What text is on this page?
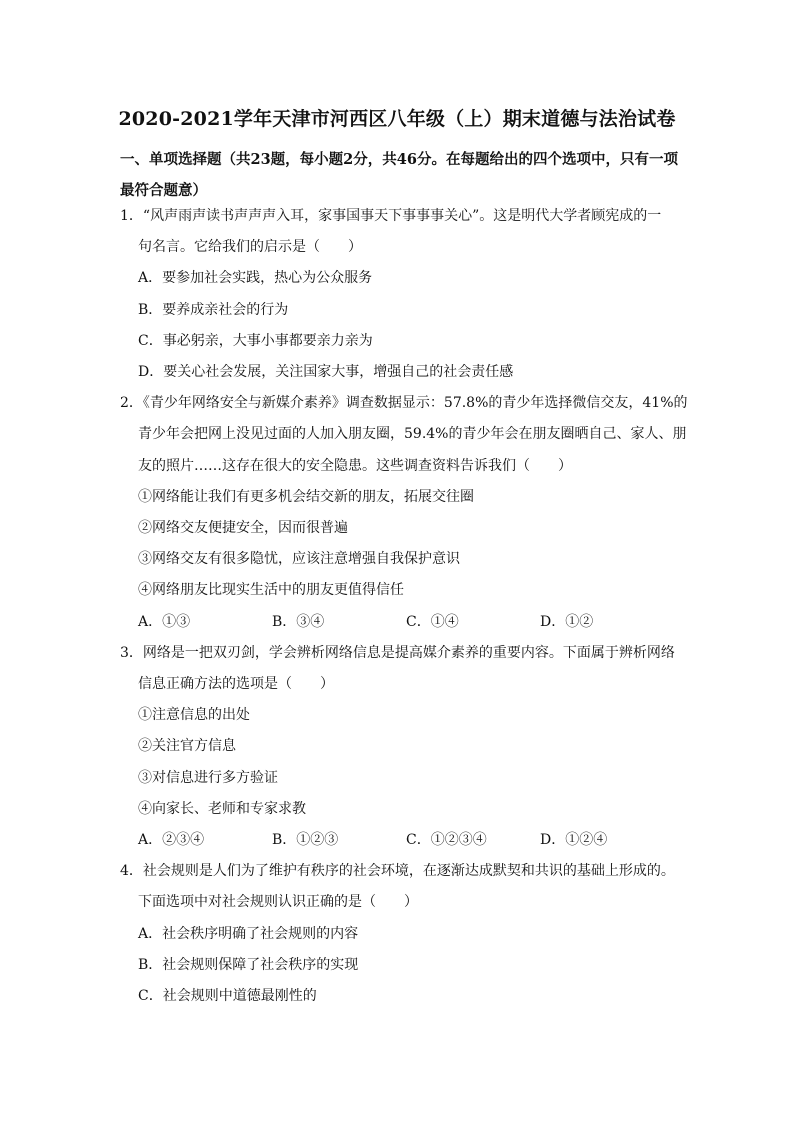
2020-2021学年天津市河西区八年级（上）期末道德与法治试卷
一、单项选择题（共23题，每小题2分，共46分。在每题给出的四个选项中，只有一项
最符合题意）
1．“风声雨声读书声声声入耳，家事国事天下事事事关心”。这是明代大学者顾宪成的一
句名言。它给我们的启示是（　　）
A．要参加社会实践，热心为公众服务
B．要养成亲社会的行为
C．事必躬亲，大事小事都要亲力亲为
D．要关心社会发展，关注国家大事，增强自己的社会责任感
2．《青少年网络安全与新媒介素养》调查数据显示：57.8%的青少年选择微信交友，41%的
青少年会把网上没见过面的人加入朋友圈，59.4%的青少年会在朋友圈晒自己、家人、朋
友的照片……这存在很大的安全隐患。这些调查资料告诉我们（　　）
①网络能让我们有更多机会结交新的朋友，拓展交往圈
②网络交友便捷安全，因而很普遍
③网络交友有很多隐忧，应该注意增强自我保护意识
④网络朋友比现实生活中的朋友更值得信任
A．①③	B．③④	C．①④	D．①②
3．网络是一把双刃剑，学会辨析网络信息是提高媒介素养的重要内容。下面属于辨析网络
信息正确方法的选项是（　　）
①注意信息的出处
②关注官方信息
③对信息进行多方验证
④向家长、老师和专家求教
A．②③④	B．①②③	C．①②③④	D．①②④
4．社会规则是人们为了维护有秩序的社会环境，在逐渐达成默契和共识的基础上形成的。
下面选项中对社会规则认识正确的是（　　）
A．社会秩序明确了社会规则的内容
B．社会规则保障了社会秩序的实现
C．社会规则中道德最刚性的
